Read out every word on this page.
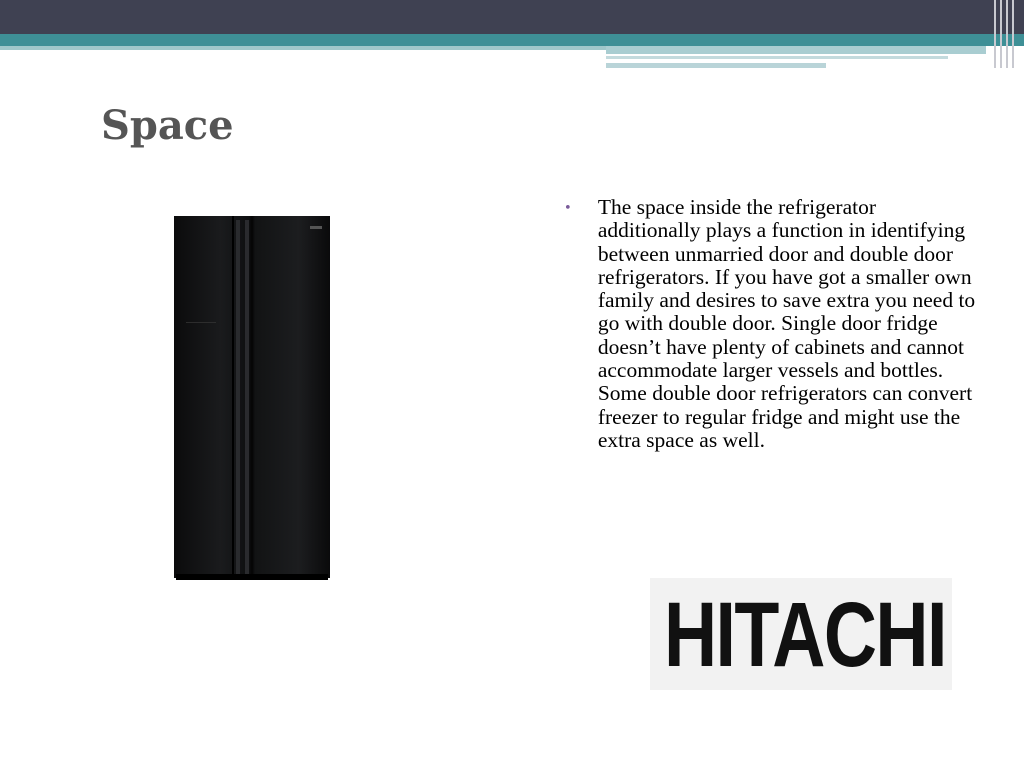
Space
•	The space inside the refrigerator additionally plays a function in identifying between unmarried door and double door refrigerators. If you have got a smaller own family and desires to save extra you need to go with double door. Single door fridge doesn’t have plenty of cabinets and cannot accommodate larger vessels and bottles. Some double door refrigerators can convert freezer to regular fridge and might use the extra space as well.

HITACHI
